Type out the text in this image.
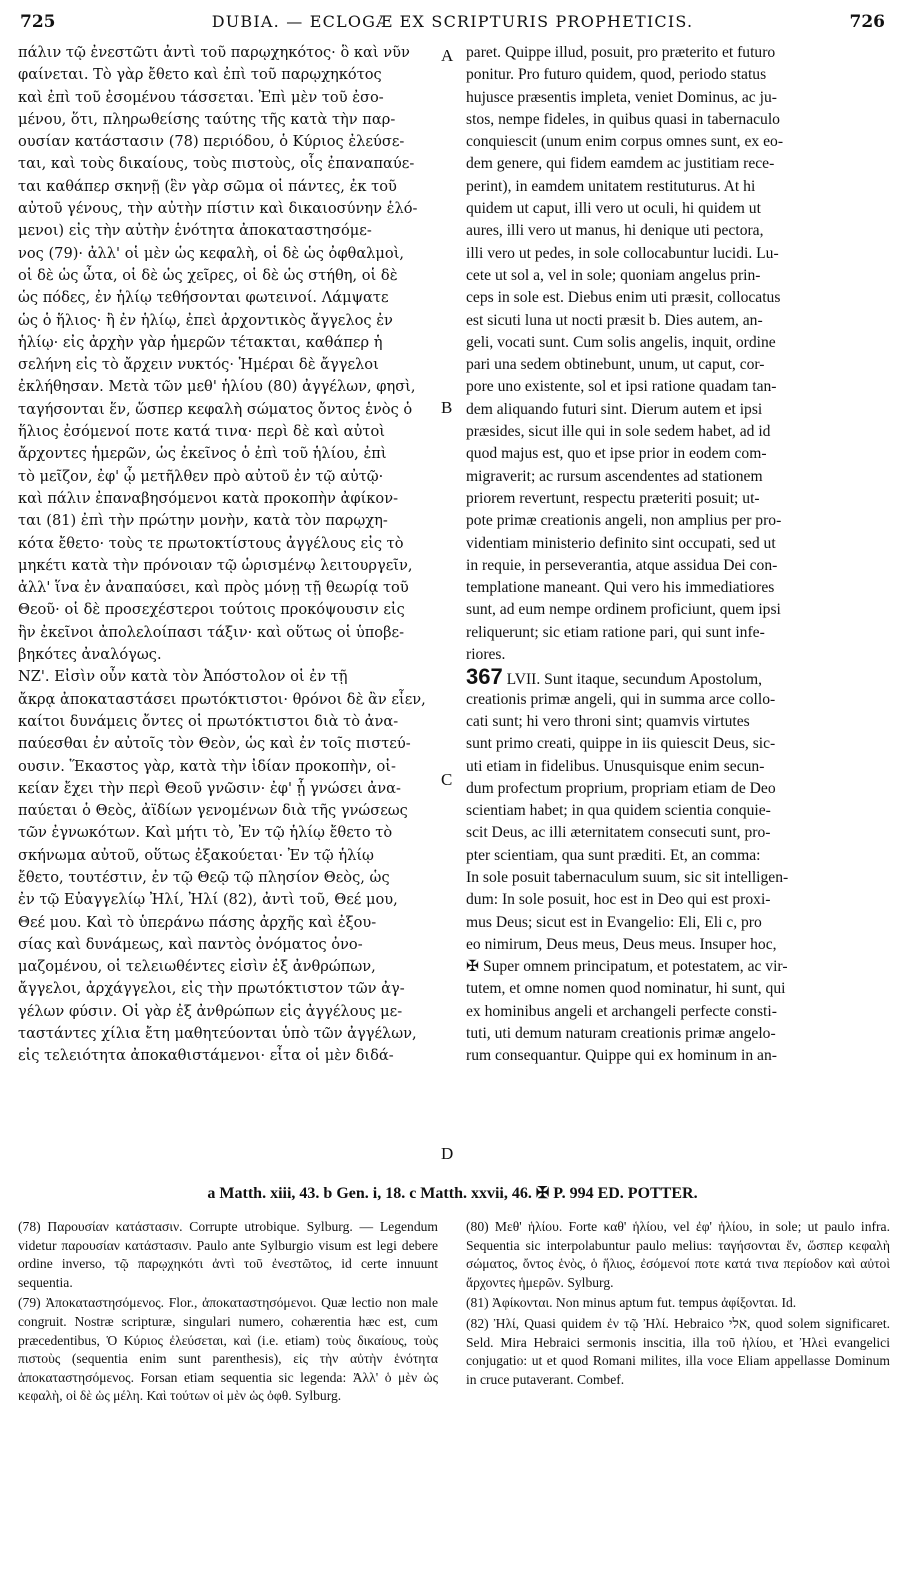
725	DUBIA. — ECLOGÆ EX SCRIPTURIS PROPHETICIS.	726
πάλιν τῷ ἐνεστῶτι ἀντὶ τοῦ παρῳχηκότος· ὃ καὶ νῦν
φαίνεται. Τὸ γὰρ ἔθετο καὶ ἐπὶ τοῦ παρῳχηκότος
καὶ ἐπὶ τοῦ ἐσομένου τάσσεται. Ἐπὶ μὲν τοῦ ἐσο-
μένου, ὅτι, πληρωθείσης ταύτης τῆς κατὰ τὴν παρ-
ουσίαν κατάστασιν (78) περιόδου, ὁ Κύριος ἐλεύσε-
ται, καὶ τοὺς δικαίους, τοὺς πιστοὺς, οἷς ἐπαναπαύε-
ται καθάπερ σκηνῇ (ἓν γὰρ σῶμα οἱ πάντες, ἐκ τοῦ
αὐτοῦ γένους, τὴν αὐτὴν πίστιν καὶ δικαιοσύνην ἑλό-
μενοι) εἰς τὴν αὐτὴν ἑνότητα ἀποκαταστησόμε-
νος (79)· ἀλλ' οἱ μὲν ὡς κεφαλὴ, οἱ δὲ ὡς ὀφθαλμοὶ,
οἱ δὲ ὡς ὦτα, οἱ δὲ ὡς χεῖρες, οἱ δὲ ὡς στήθη, οἱ δὲ
ὡς πόδες, ἐν ἡλίῳ τεθήσονται φωτεινοί. Λάμψατε
ὡς ὁ ἥλιος· ἢ ἐν ἡλίῳ, ἐπεὶ ἀρχοντικὸς ἄγγελος ἐν
ἡλίῳ· εἰς ἀρχὴν γὰρ ἡμερῶν τέτακται, καθάπερ ἡ
σελήνη εἰς τὸ ἄρχειν νυκτός· Ἡμέραι δὲ ἄγγελοι
ἐκλήθησαν. Μετὰ τῶν μεθ' ἡλίου (80) ἀγγέλων, φησὶ,
ταγήσονται ἕν, ὥσπερ κεφαλὴ σώματος ὄντος ἑνὸς ὁ
ἥλιος ἐσόμενοί ποτε κατά τινα· περὶ δὲ καὶ αὐτοὶ
ἄρχοντες ἡμερῶν, ὡς ἐκεῖνος ὁ ἐπὶ τοῦ ἡλίου, ἐπὶ
τὸ μεῖζον, ἐφ' ᾧ μετῆλθεν πρὸ αὐτοῦ ἐν τῷ αὐτῷ·
καὶ πάλιν ἐπαναβησόμενοι κατὰ προκοπὴν ἀφίκον-
ται (81) ἐπὶ τὴν πρώτην μονὴν, κατὰ τὸν παρῳχη-
κότα ἔθετο· τοὺς τε πρωτοκτίστους ἀγγέλους εἰς τὸ
μηκέτι κατὰ τὴν πρόνοιαν τῷ ὡρισμένῳ λειτουργεῖν,
ἀλλ' ἵνα ἐν ἀναπαύσει, καὶ πρὸς μόνῃ τῇ θεωρίᾳ τοῦ
Θεοῦ· οἱ δὲ προσεχέστεροι τούτοις προκόψουσιν εἰς
ἣν ἐκεῖνοι ἀπολελοίπασι τάξιν· καὶ οὕτως οἱ ὑποβε-
βηκότες ἀναλόγως.
ΝΖ'. Εἰσὶν οὖν κατὰ τὸν Ἀπόστολον οἱ ἐν τῇ
ἄκρᾳ ἀποκαταστάσει πρωτόκτιστοι· θρόνοι δὲ ἂν εἶεν,
καίτοι δυνάμεις ὄντες οἱ πρωτόκτιστοι διὰ τὸ ἀνα-
παύεσθαι ἐν αὐτοῖς τὸν Θεὸν, ὡς καὶ ἐν τοῖς πιστεύ-
ουσιν. Ἕκαστος γὰρ, κατὰ τὴν ἰδίαν προκοπὴν, οἰ-
κείαν ἔχει τὴν περὶ Θεοῦ γνῶσιν· ἐφ' ᾗ γνώσει ἀνα-
παύεται ὁ Θεὸς, ἀϊδίων γενομένων διὰ τῆς γνώσεως
τῶν ἐγνωκότων. Καὶ μήτι τὸ, Ἐν τῷ ἡλίῳ ἔθετο τὸ
σκήνωμα αὐτοῦ, οὕτως ἐξακούεται· Ἐν τῷ ἡλίῳ
ἔθετο, τουτέστιν, ἐν τῷ Θεῷ τῷ πλησίον Θεὸς, ὡς
ἐν τῷ Εὐαγγελίῳ Ἠλί, Ἠλί (82), ἀντὶ τοῦ, Θεέ μου,
Θεέ μου. Καὶ τὸ ὑπεράνω πάσης ἀρχῆς καὶ ἐξου-
σίας καὶ δυνάμεως, καὶ παντὸς ὀνόματος ὀνο-
μαζομένου, οἱ τελειωθέντες εἰσὶν ἐξ ἀνθρώπων,
ἄγγελοι, ἀρχάγγελοι, εἰς τὴν πρωτόκτιστον τῶν ἀγ-
γέλων φύσιν. Οἱ γὰρ ἐξ ἀνθρώπων εἰς ἀγγέλους με-
ταστάντες χίλια ἔτη μαθητεύονται ὑπὸ τῶν ἀγγέλων,
εἰς τελειότητα ἀποκαθιστάμενοι· εἶτα οἱ μὲν διδά-
paret. Quippe illud, posuit, pro præterito et futuro
ponitur. Pro futuro quidem, quod, periodo status
hujusce præsentis impleta, veniet Dominus, ac ju-
stos, nempe fideles, in quibus quasi in tabernaculo
conquiescit (unum enim corpus omnes sunt, ex eo-
dem genere, qui fidem eamdem ac justitiam rece-
perint), in eamdem unitatem restituturus. At hi
quidem ut caput, illi vero ut oculi, hi quidem ut
aures, illi vero ut manus, hi denique uti pectora,
illi vero ut pedes, in sole collocabuntur lucidi. Lu-
cete ut sol a, vel in sole; quoniam angelus prin-
ceps in sole est. Diebus enim uti præsit, collocatus
est sicuti luna ut nocti præsit b. Dies autem, an-
geli, vocati sunt. Cum solis angelis, inquit, ordine
pari una sedem obtinebunt, unum, ut caput, cor-
pore uno existente, sol et ipsi ratione quadam tan-
dem aliquando futuri sint. Dierum autem et ipsi
præsides, sicut ille qui in sole sedem habet, ad id
quod majus est, quo et ipse prior in eodem com-
migraverit; ac rursum ascendentes ad stationem
priorem revertunt, respectu præteriti posuit; ut-
pote primæ creationis angeli, non amplius per pro-
videntiam ministerio definito sint occupati, sed ut
in requie, in perseverantia, atque assidua Dei con-
templatione maneant. Qui vero his immediatiores
sunt, ad eum nempe ordinem proficiunt, quem ipsi
reliquerunt; sic etiam ratione pari, qui sunt infe-
riores.
367 LVII. Sunt itaque, secundum Apostolum,
creationis primæ angeli, qui in summa arce collo-
cati sunt; hi vero throni sint; quamvis virtutes
sunt primo creati, quippe in iis quiescit Deus, sic-
uti etiam in fidelibus. Unusquisque enim secun-
dum profectum proprium, propriam etiam de Deo
scientiam habet; in qua quidem scientia conquie-
scit Deus, ac illi æternitatem consecuti sunt, pro-
pter scientiam, qua sunt præditi. Et, an comma:
In sole posuit tabernaculum suum, sic sit intelligen-
dum: In sole posuit, hoc est in Deo qui est proxi-
mus Deus; sicut est in Evangelio: Eli, Eli c, pro
eo nimirum, Deus meus, Deus meus. Insuper hoc,
✠ Super omnem principatum, et potestatem, ac vir-
tutem, et omne nomen quod nominatur, hi sunt, qui
ex hominibus angeli et archangeli perfecte consti-
tuti, uti demum naturam creationis primæ angelo-
rum consequantur. Quippe qui ex hominum in an-
A
B
C
D
a Matth. xiii, 43. b Gen. i, 18. c Matth. xxvii, 46. ✠ P. 994 ED. POTTER.

(78) Παρουσίαν κατάστασιν. Corrupte utrobique. Sylburg. — Legendum videtur παρουσίαν κατάστασιν. Paulo ante Sylburgio visum est legi debere ordine inverso, τῷ παρῳχηκότι ἀντὶ τοῦ ἐνεστῶτος, id certe innuunt sequentia.

(79) Ἀποκαταστησόμενος. Flor., ἀποκαταστησόμενοι. Quæ lectio non male congruit. Nostræ scripturæ, singulari numero, cohærentia hæc est, cum præcedentibus, Ὁ Κύριος ἐλεύσεται, καὶ (i.e. etiam) τοὺς δικαίους, τοὺς πιστοὺς (sequentia enim sunt parenthesis), εἰς τὴν αὐτὴν ἑνότητα ἀποκαταστησόμενος. Forsan etiam sequentia sic legenda: Ἀλλ' ὁ μὲν ὡς κεφαλὴ, οἱ δὲ ὡς μέλη. Καὶ τούτων οἱ μὲν ὡς ὀφθ. Sylburg.

(80) Μεθ' ἡλίου. Forte καθ' ἡλίου, vel ἐφ' ἡλίου, in sole; ut paulo infra. Sequentia sic interpolabuntur paulo melius: ταγήσονται ἕν, ὥσπερ κεφαλὴ σώματος, ὄντος ἑνὸς, ὁ ἥλιος, ἐσόμενοί ποτε κατά τινα περίοδον καὶ αὐτοὶ ἄρχοντες ἡμερῶν. Sylburg.

(81) Ἀφίκονται. Non minus aptum fut. tempus ἀφίξονται. Id.

(82) Ἠλί, Quasi quidem ἐν τῷ Ἠλί. Hebraico אלי, quod solem significaret. Seld. Mira Hebraici sermonis inscitia, illa τοῦ ἡλίου, et Ἠλεὶ evangelici conjugatio: ut et quod Romani milites, illa voce Eliam appellasse Dominum in cruce putaverant. Combef.
